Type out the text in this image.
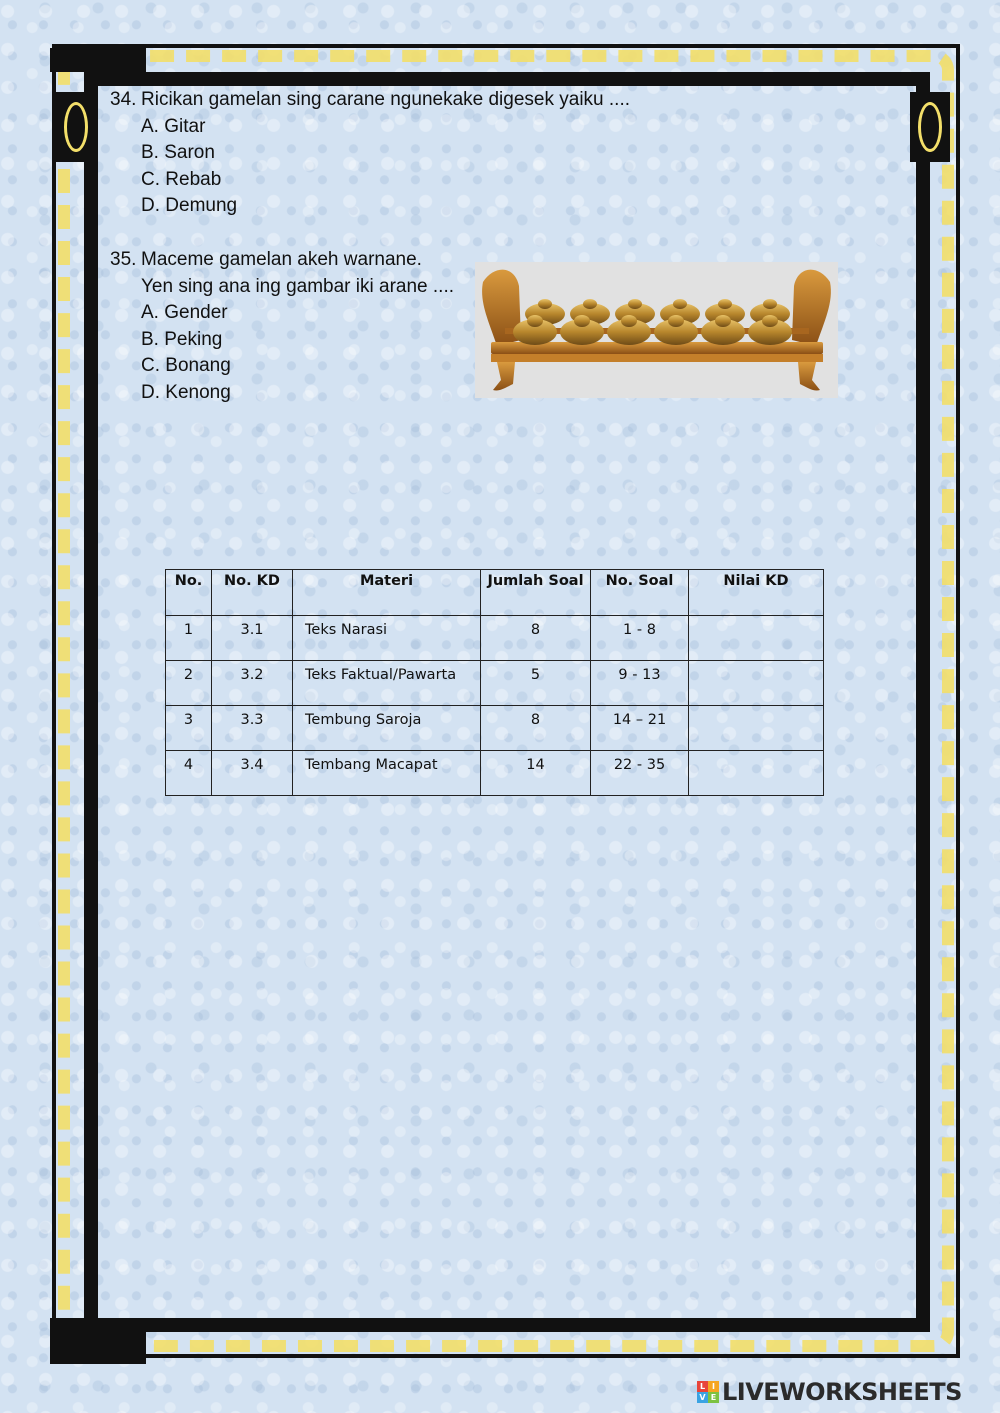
34. Ricikan gamelan sing carane ngunekake digesek yaiku ....
A. Gitar
B. Saron
C. Rebab
D. Demung
35. Maceme gamelan akeh warnane.
Yen sing ana ing gambar iki arane ....
A. Gender
B. Peking
C. Bonang
D. Kenong
No.	No. KD	Materi	Jumlah Soal	No. Soal	Nilai KD
1	3.1	Teks Narasi	8	1 - 8	
2	3.2	Teks Faktual/Pawarta	5	9 - 13	
3	3.3	Tembung Saroja	8	14 – 21	
4	3.4	Tembang Macapat	14	22 - 35	
L I
V E LIVEWORKSHEETS
